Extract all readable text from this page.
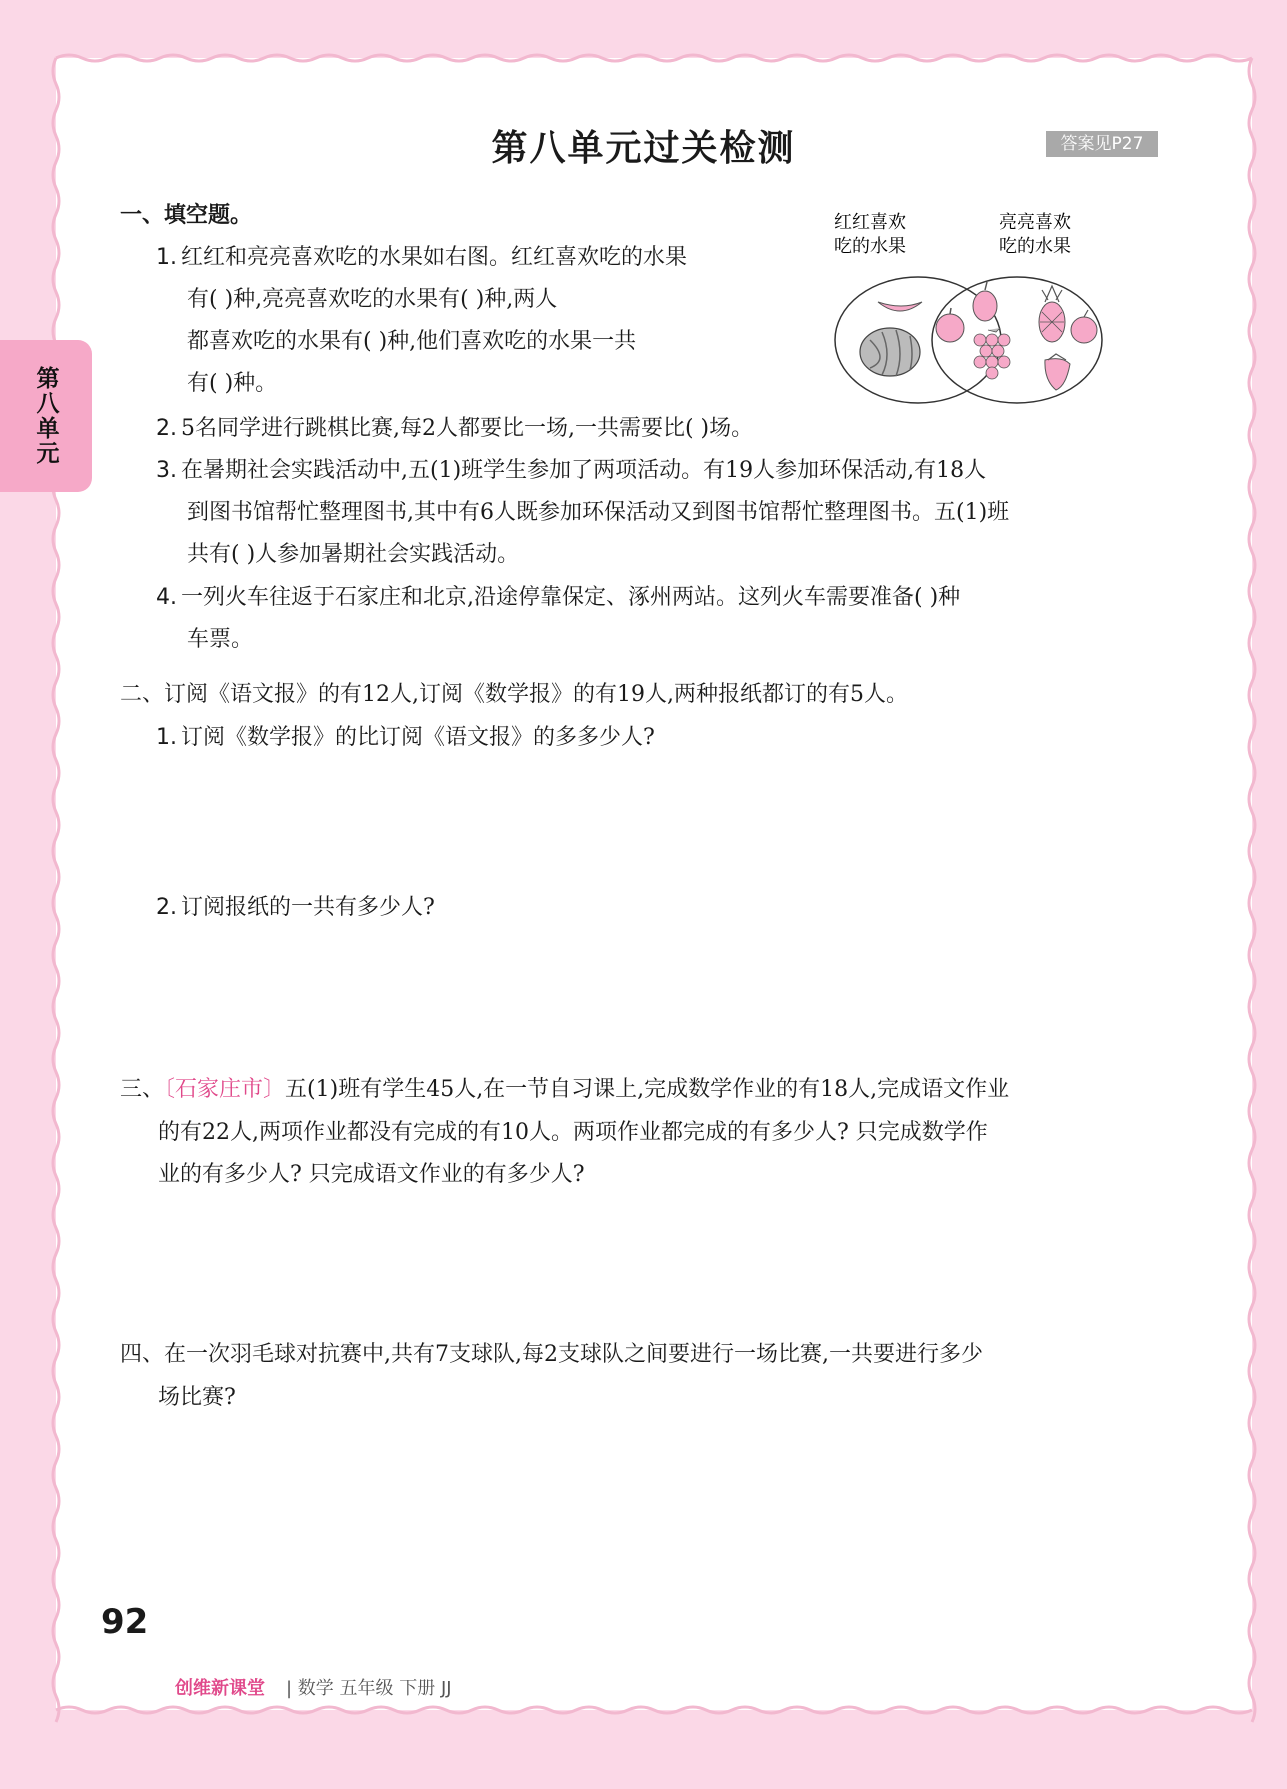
第八单元
第八单元过关检测	答案见P27
一、填空题。
1. 红红和亮亮喜欢吃的水果如右图。红红喜欢吃的水果
有( )种,亮亮喜欢吃的水果有( )种,两人
都喜欢吃的水果有( )种,他们喜欢吃的水果一共
有( )种。
红红喜欢
吃的水果
亮亮喜欢
吃的水果
2. 5名同学进行跳棋比赛,每2人都要比一场,一共需要比( )场。
3. 在暑期社会实践活动中,五(1)班学生参加了两项活动。有19人参加环保活动,有18人
到图书馆帮忙整理图书,其中有6人既参加环保活动又到图书馆帮忙整理图书。五(1)班
共有( )人参加暑期社会实践活动。
4. 一列火车往返于石家庄和北京,沿途停靠保定、涿州两站。这列火车需要准备( )种
车票。
二、订阅《语文报》的有12人,订阅《数学报》的有19人,两种报纸都订的有5人。
1. 订阅《数学报》的比订阅《语文报》的多多少人?
2. 订阅报纸的一共有多少人?
三、〔石家庄市〕五(1)班有学生45人,在一节自习课上,完成数学作业的有18人,完成语文作业
的有22人,两项作业都没有完成的有10人。两项作业都完成的有多少人? 只完成数学作
业的有多少人? 只完成语文作业的有多少人?
四、在一次羽毛球对抗赛中,共有7支球队,每2支球队之间要进行一场比赛,一共要进行多少
场比赛?
92
创维新课堂 | 数学 五年级 下册 JJ
